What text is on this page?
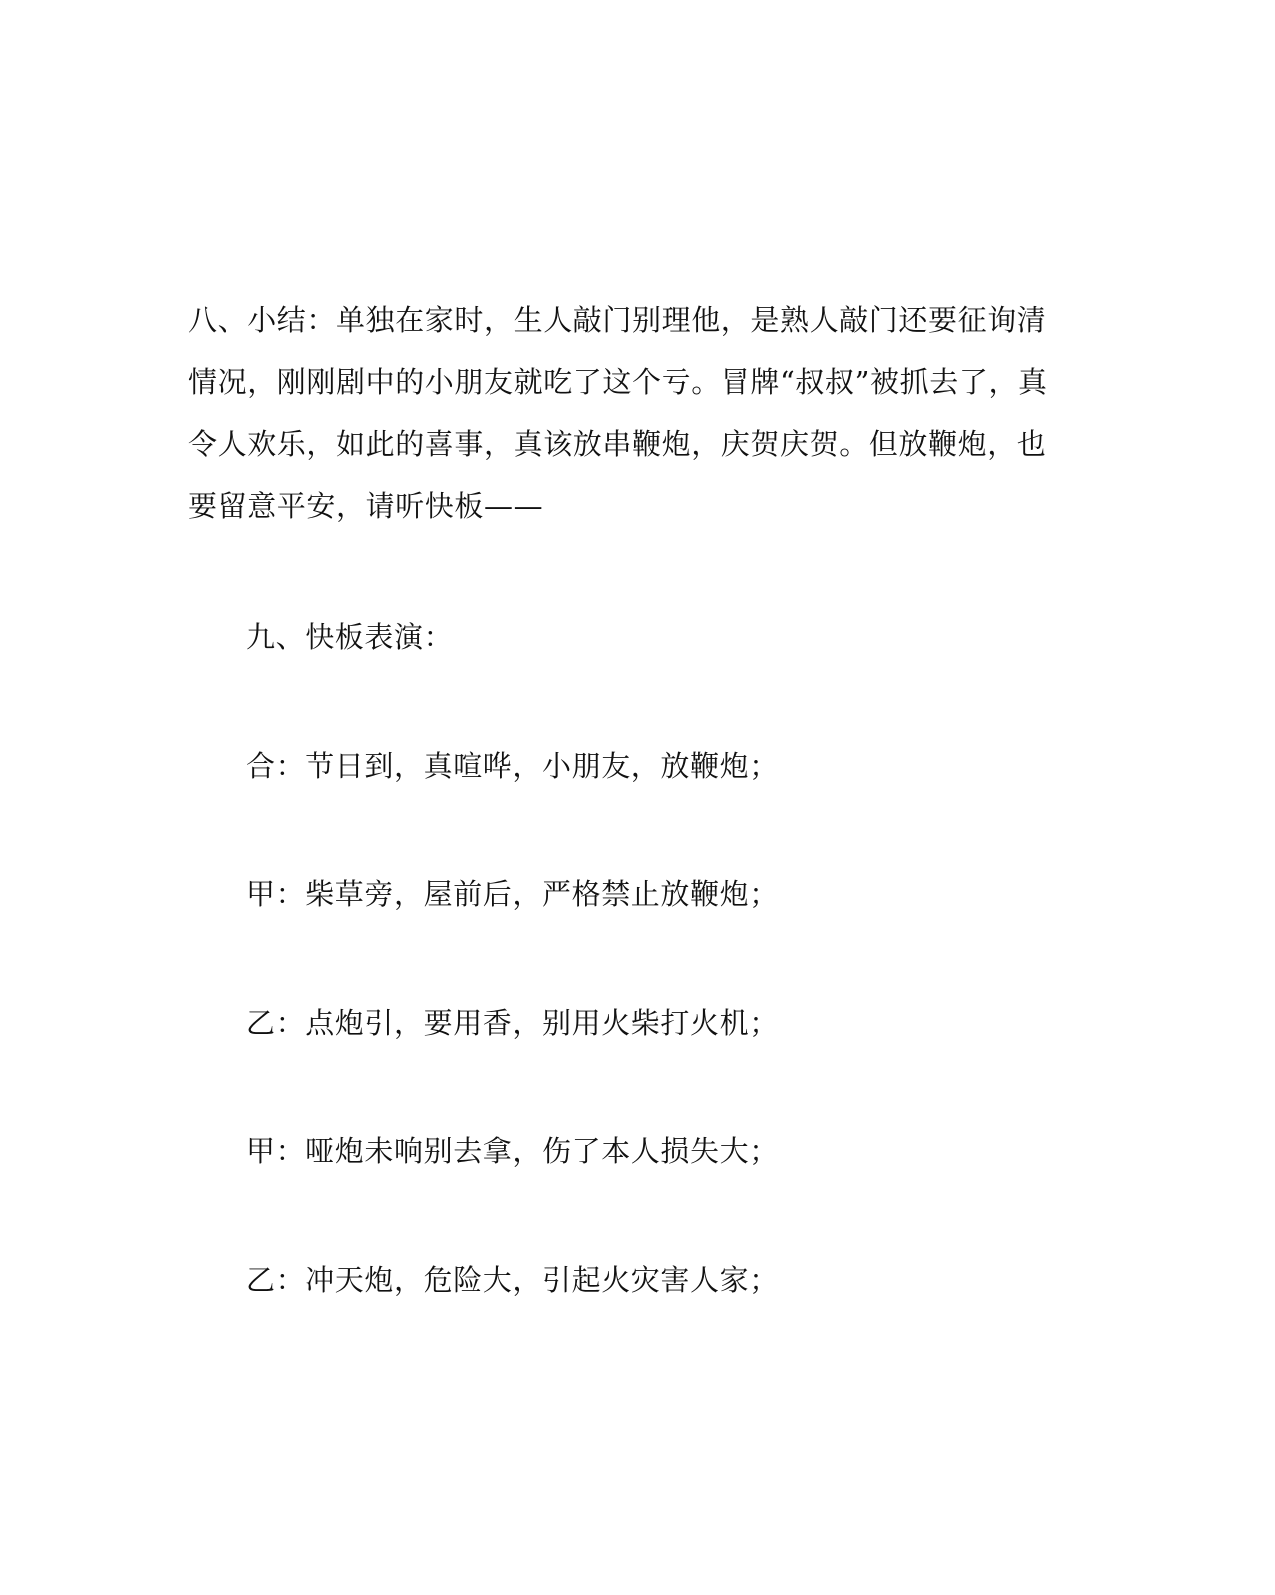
八、小结：单独在家时，生人敲门别理他，是熟人敲门还要征询清情况，刚刚剧中的小朋友就吃了这个亏。冒牌“叔叔”被抓去了，真令人欢乐，如此的喜事，真该放串鞭炮，庆贺庆贺。但放鞭炮，也要留意平安，请听快板——

九、快板表演：

合：节日到，真喧哗，小朋友，放鞭炮；

甲：柴草旁，屋前后，严格禁止放鞭炮；

乙：点炮引，要用香，别用火柴打火机；

甲：哑炮未响别去拿，伤了本人损失大；

乙：冲天炮，危险大，引起火灾害人家；
